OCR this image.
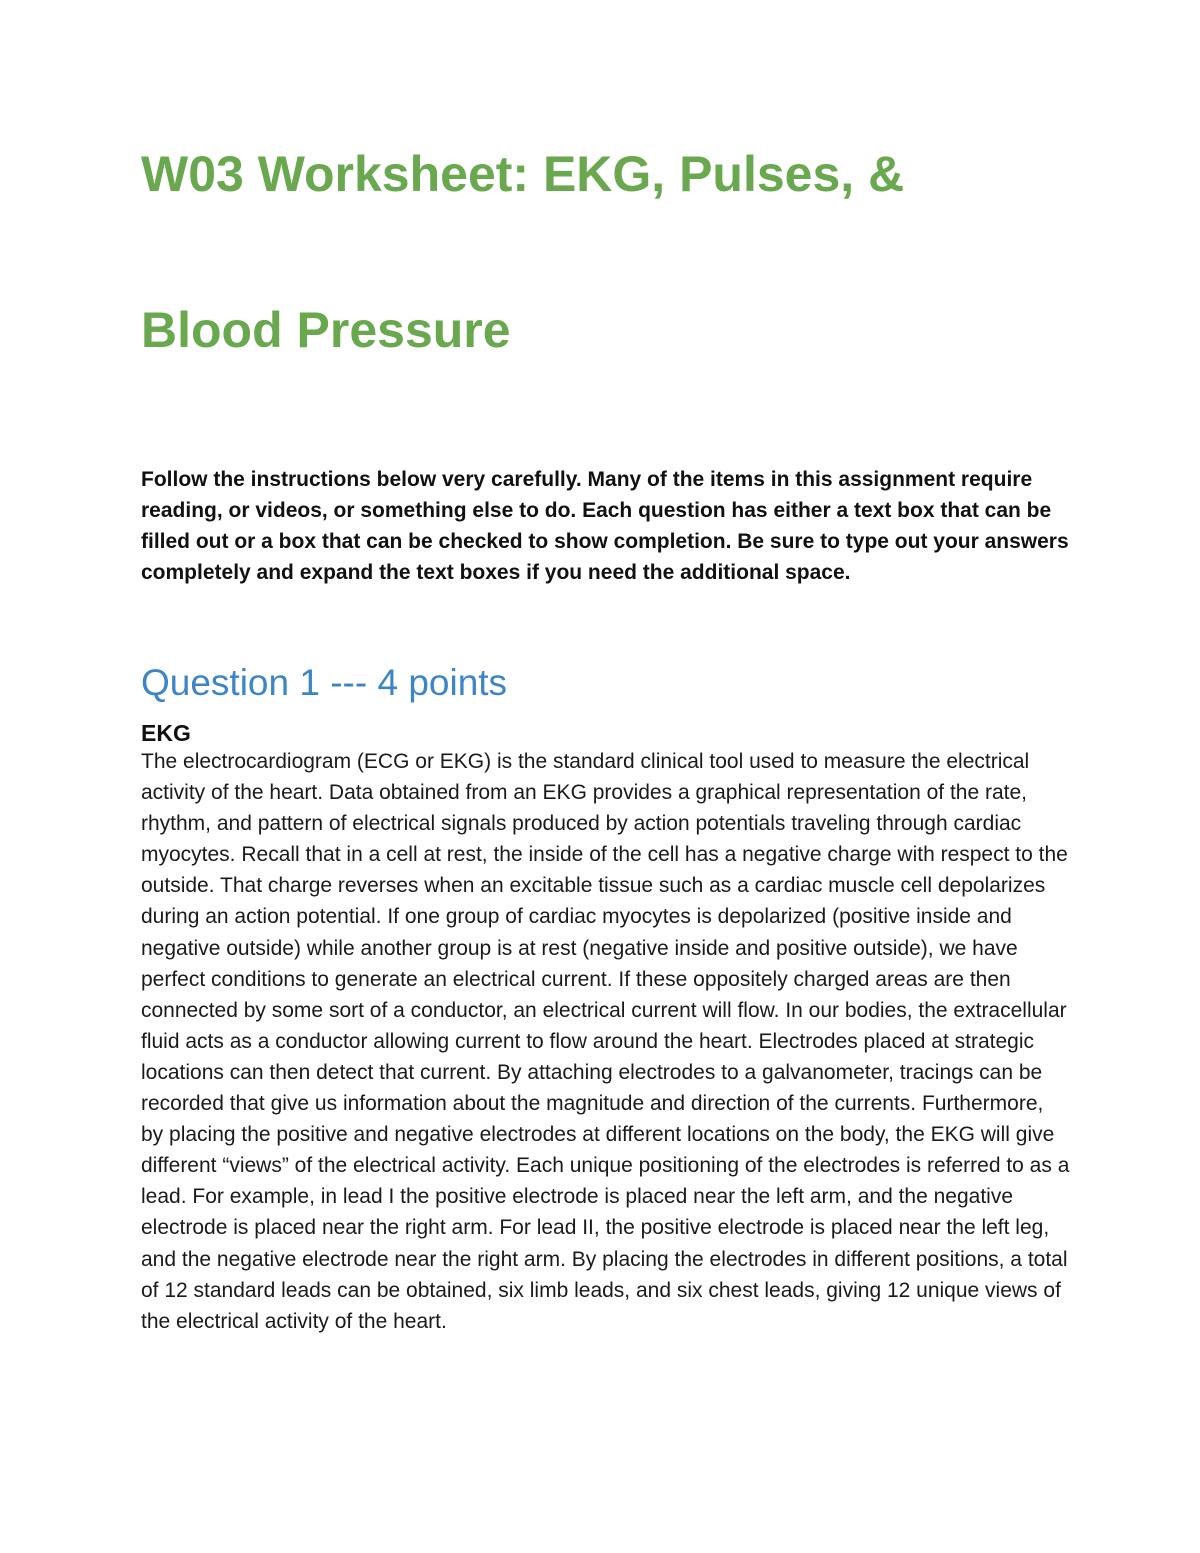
W03 Worksheet: EKG, Pulses, &
Blood Pressure

Follow the instructions below very carefully. Many of the items in this assignment require reading, or videos, or something else to do. Each question has either a text box that can be filled out or a box that can be checked to show completion. Be sure to type out your answers completely and expand the text boxes if you need the additional space.

Question 1 --- 4 points
EKG

The electrocardiogram (ECG or EKG) is the standard clinical tool used to measure the electrical activity of the heart. Data obtained from an EKG provides a graphical representation of the rate, rhythm, and pattern of electrical signals produced by action potentials traveling through cardiac myocytes. Recall that in a cell at rest, the inside of the cell has a negative charge with respect to the outside. That charge reverses when an excitable tissue such as a cardiac muscle cell depolarizes during an action potential. If one group of cardiac myocytes is depolarized (positive inside and negative outside) while another group is at rest (negative inside and positive outside), we have perfect conditions to generate an electrical current. If these oppositely charged areas are then connected by some sort of a conductor, an electrical current will flow. In our bodies, the extracellular fluid acts as a conductor allowing current to flow around the heart. Electrodes placed at strategic locations can then detect that current. By attaching electrodes to a galvanometer, tracings can be recorded that give us information about the magnitude and direction of the currents. Furthermore, by placing the positive and negative electrodes at different locations on the body, the EKG will give different “views” of the electrical activity. Each unique positioning of the electrodes is referred to as a lead. For example, in lead I the positive electrode is placed near the left arm, and the negative electrode is placed near the right arm. For lead II, the positive electrode is placed near the left leg, and the negative electrode near the right arm. By placing the electrodes in different positions, a total of 12 standard leads can be obtained, six limb leads, and six chest leads, giving 12 unique views of the electrical activity of the heart.
